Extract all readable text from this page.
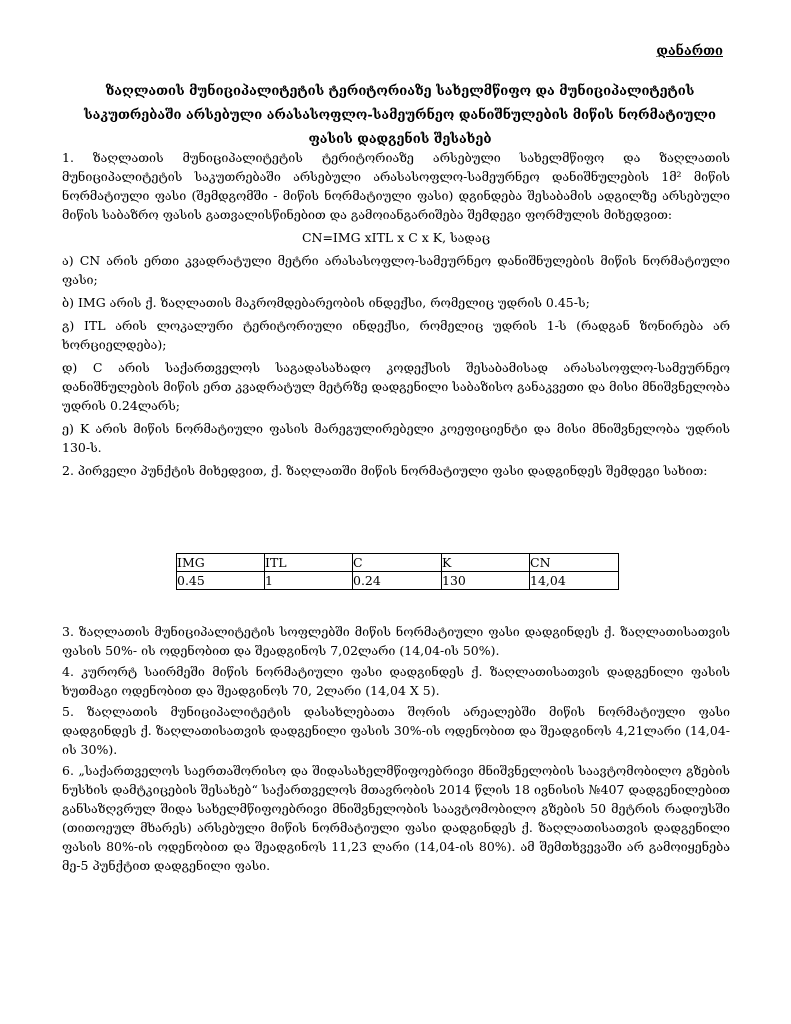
დანართი
ზაღლათის მუნიციპალიტეტის ტერიტორიაზე სახელმწიფო და მუნიციპალიტეტის საკუთრებაში არსებული არასასოფლო-სამეურნეო დანიშნულების მიწის ნორმატიული ფასის დადგენის შესახებ

1. ზაღლათის მუნიციპალიტეტის ტერიტორიაზე არსებული სახელმწიფო და ზაღლათის მუნიციპალიტეტის საკუთრებაში არსებული არასასოფლო-სამეურნეო დანიშნულების 1მ² მიწის ნორმატიული ფასი (შემდგომში - მიწის ნორმატიული ფასი) დგინდება შესაბამის ადგილზე არსებული მიწის საბაზრო ფასის გათვალისწინებით და გამოიანგარიშება შემდეგი ფორმულის მიხედვით:

CN=IMG xITL x C x K, სადაც

ა) CN არის ერთი კვადრატული მეტრი არასასოფლო-სამეურნეო დანიშნულების მიწის ნორმატიული ფასი;

ბ) IMG არის ქ. ზაღლათის მაკრომდებარეობის ინდექსი, რომელიც უდრის 0.45-ს;

გ) ITL არის ლოკალური ტერიტორიული ინდექსი, რომელიც უდრის 1-ს (რადგან ზონირება არ ხორციელდება);

დ) C არის საქართველოს საგადასახადო კოდექსის შესაბამისად არასასოფლო-სამეურნეო დანიშნულების მიწის ერთ კვადრატულ მეტრზე დადგენილი საბაზისო განაკვეთი და მისი მნიშვნელობა უდრის 0.24ლარს;

ე) K არის მიწის ნორმატიული ფასის მარეგულირებელი კოეფიციენტი და მისი მნიშვნელობა უდრის 130-ს.

2. პირველი პუნქტის მიხედვით, ქ. ზაღლათში მიწის ნორმატიული ფასი დადგინდეს შემდეგი სახით:

IMG	ITL	C	K	CN
0.45	1	0.24	130	14,04

3. ზაღლათის მუნიციპალიტეტის სოფლებში მიწის ნორმატიული ფასი დადგინდეს ქ. ზაღლათისათვის ფასის 50%- ის ოდენობით და შეადგინოს 7,02ლარი (14,04-ის 50%).

4. კურორტ საირმეში მიწის ნორმატიული ფასი დადგინდეს ქ. ზაღლათისათვის დადგენილი ფასის ხუთმაგი ოდენობით და შეადგინოს 70, 2ლარი (14,04 X 5).

5. ზაღლათის მუნიციპალიტეტის დასახლებათა შორის არეალებში მიწის ნორმატიული ფასი დადგინდეს ქ. ზაღლათისათვის დადგენილი ფასის 30%-ის ოდენობით და შეადგინოს 4,21ლარი (14,04- ის 30%).

6. „საქართველოს საერთაშორისო და შიდასახელმწიფოებრივი მნიშვნელობის საავტომობილო გზების ნუსხის დამტკიცების შესახებ“ საქართველოს მთავრობის 2014 წლის 18 ივნისის №407 დადგენილებით განსაზღვრულ შიდა სახელმწიფოებრივი მნიშვნელობის საავტომობილო გზების 50 მეტრის რადიუსში (თითოეულ მხარეს) არსებული მიწის ნორმატიული ფასი დადგინდეს ქ. ზაღლათისათვის დადგენილი ფასის 80%-ის ოდენობით და შეადგინოს 11,23 ლარი (14,04-ის 80%). ამ შემთხვევაში არ გამოიყენება მე-5 პუნქტით დადგენილი ფასი.
